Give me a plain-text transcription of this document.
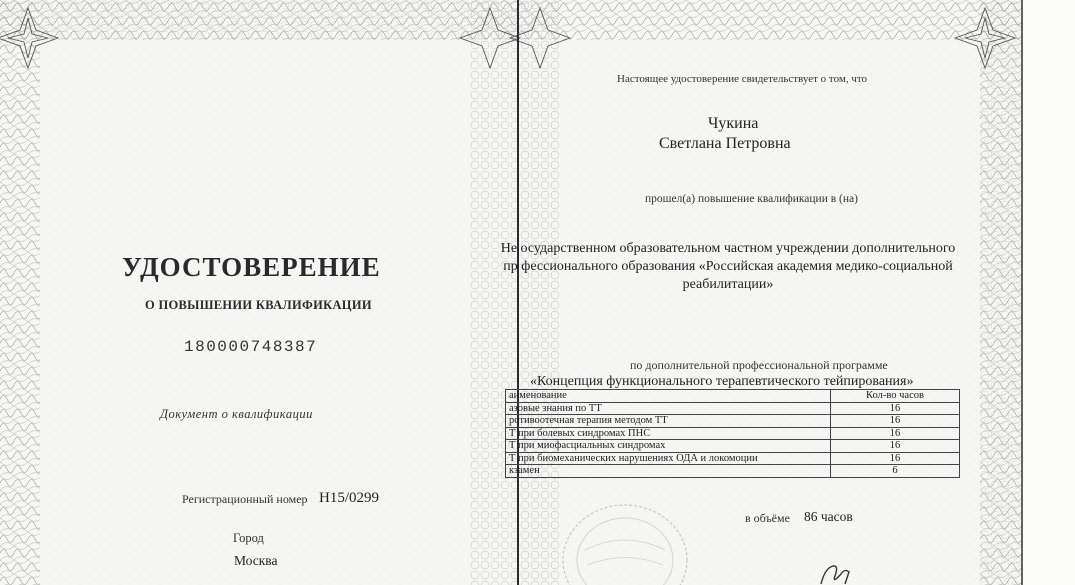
УДОСТОВЕРЕНИЕ
О ПОВЫШЕНИИ КВАЛИФИКАЦИИ
180000748387
Документ о квалификации
Регистрационный номер Н15/0299
Город
Москва
Настоящее удостоверение свидетельствует о том, что
Чукина
Светлана Петровна
прошел(а) повышение квалификации в (на)
Не осударственном образовательном частном учреждении дополнительного
пр фессионального образования «Российская академия медико-социальной
реабилитации»
по дополнительной профессиональной программе
«Концепция функционального терапевтического тейпирования»
аименование	Кол-во часов
азовые знания по ТТ	16
ротивоотечная терапия методом ТТ	16
Т при болевых синдромах ПНС	16
Т при миофасциальных синдромах	16
Т при биомеханических нарушениях ОДА и локомоции	16
кзамен	6
в объёме 86 часов
